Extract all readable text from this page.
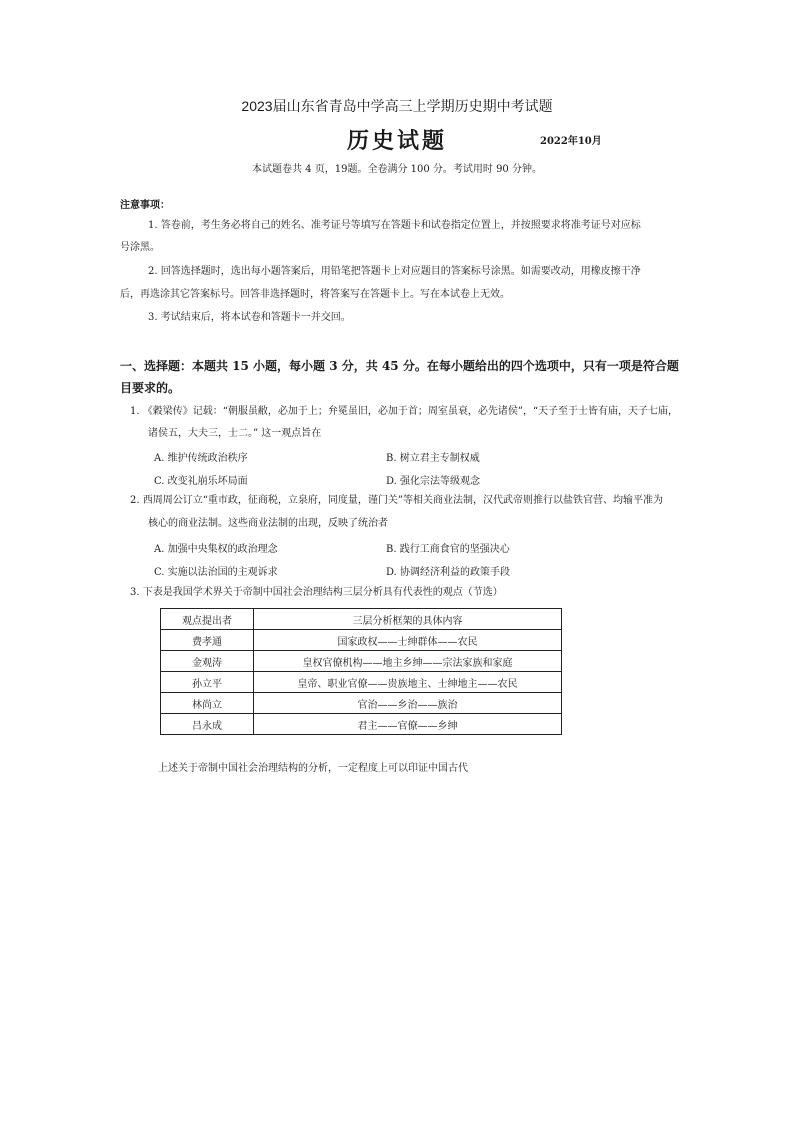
2023届山东省青岛中学高三上学期历史期中考试题
历史试题	2022年10月
本试题卷共 4 页，19题。全卷满分 100 分。考试用时 90 分钟。
注意事项：
1. 答卷前，考生务必将自己的姓名、准考证号等填写在答题卡和试卷指定位置上，并按照要求将准考证号对应标
号涂黑。
2. 回答选择题时，选出每小题答案后，用铅笔把答题卡上对应题目的答案标号涂黑。如需要改动，用橡皮擦干净
后，再选涂其它答案标号。回答非选择题时，将答案写在答题卡上。写在本试卷上无效。
3. 考试结束后，将本试卷和答题卡一并交回。
一、选择题：本题共 15 小题，每小题 3 分，共 45 分。在每小题给出的四个选项中，只有一项是符合题
目要求的。
1. 《穀梁传》记载：“朝服虽敝，必加于上；弁冕虽旧，必加于首；周室虽衰，必先诸侯”，“天子至于士皆有庙，天子七庙，
诸侯五，大夫三，士二。” 这一观点旨在
A. 维护传统政治秩序	B. 树立君主专制权威
C. 改变礼崩乐坏局面	D. 强化宗法等级观念
2. 西周周公订立“重市政，征商税，立泉府，同度量，谨门关”等相关商业法制，汉代武帝则推行以盐铁官营、均输平准为
核心的商业法制。这些商业法制的出现，反映了统治者
A. 加强中央集权的政治理念	B. 践行工商食官的坚强决心
C. 实施以法治国的主观诉求	D. 协调经济利益的政策手段
3. 下表是我国学术界关于帝制中国社会治理结构三层分析具有代表性的观点（节选）
观点提出者	三层分析框架的具体内容
费孝通	国家政权——士绅群体——农民
金观涛	皇权官僚机构——地主乡绅——宗法家族和家庭
孙立平	皇帝、职业官僚——贵族地主、士绅地主——农民
林尚立	官治——乡治——族治
吕永成	君主——官僚——乡绅
上述关于帝制中国社会治理结构的分析，一定程度上可以印证中国古代
